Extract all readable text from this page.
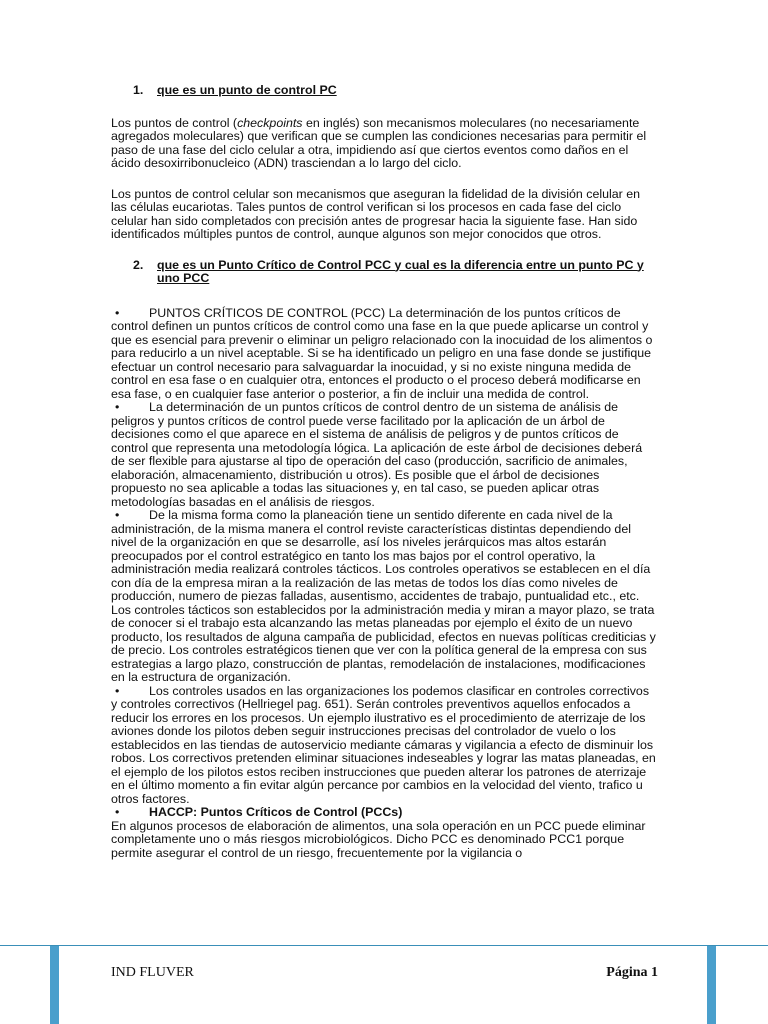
1.	que es un punto de control PC

Los puntos de control (checkpoints en inglés) son mecanismos moleculares (no necesariamente agregados moleculares) que verifican que se cumplen las condiciones necesarias para permitir el paso de una fase del ciclo celular a otra, impidiendo así que ciertos eventos como daños en el ácido desoxirribonucleico (ADN) trasciendan a lo largo del ciclo.

Los puntos de control celular son mecanismos que aseguran la fidelidad de la división celular en las células eucariotas. Tales puntos de control verifican si los procesos en cada fase del ciclo celular han sido completados con precisión antes de progresar hacia la siguiente fase. Han sido identificados múltiples puntos de control, aunque algunos son mejor conocidos que otros.

2.	que es un Punto Crítico de Control PCC y cual es la diferencia entre un punto PC y uno PCC
• PUNTOS CRÍTICOS DE CONTROL (PCC) La determinación de los puntos críticos de control definen un puntos críticos de control como una fase en la que puede aplicarse un control y que es esencial para prevenir o eliminar un peligro relacionado con la inocuidad de los alimentos o para reducirlo a un nivel aceptable. Si se ha identificado un peligro en una fase donde se justifique efectuar un control necesario para salvaguardar la inocuidad, y si no existe ninguna medida de control en esa fase o en cualquier otra, entonces el producto o el proceso deberá modificarse en esa fase, o en cualquier fase anterior o posterior, a fin de incluir una medida de control.
• La determinación de un puntos críticos de control dentro de un sistema de análisis de peligros y puntos críticos de control puede verse facilitado por la aplicación de un árbol de decisiones como el que aparece en el sistema de análisis de peligros y de puntos críticos de control que representa una metodología lógica. La aplicación de este árbol de decisiones deberá de ser flexible para ajustarse al tipo de operación del caso (producción, sacrificio de animales, elaboración, almacenamiento, distribución u otros). Es posible que el árbol de decisiones propuesto no sea aplicable a todas las situaciones y, en tal caso, se pueden aplicar otras metodologías basadas en el análisis de riesgos.
• De la misma forma como la planeación tiene un sentido diferente en cada nivel de la administración, de la misma manera el control reviste características distintas dependiendo del nivel de la organización en que se desarrolle, así los niveles jerárquicos mas altos estarán preocupados por el control estratégico en tanto los mas bajos por el control operativo, la administración media realizará controles tácticos. Los controles operativos se establecen en el día con día de la empresa miran a la realización de las metas de todos los días como niveles de producción, numero de piezas falladas, ausentismo, accidentes de trabajo, puntualidad etc., etc. Los controles tácticos son establecidos por la administración media y miran a mayor plazo, se trata de conocer si el trabajo esta alcanzando las metas planeadas por ejemplo el éxito de un nuevo producto, los resultados de alguna campaña de publicidad, efectos en nuevas políticas crediticias y de precio. Los controles estratégicos tienen que ver con la política general de la empresa con sus estrategias a largo plazo, construcción de plantas, remodelación de instalaciones, modificaciones en la estructura de organización.
• Los controles usados en las organizaciones los podemos clasificar en controles correctivos y controles correctivos (Hellriegel pag. 651). Serán controles preventivos aquellos enfocados a reducir los errores en los procesos. Un ejemplo ilustrativo es el procedimiento de aterrizaje de los aviones donde los pilotos deben seguir instrucciones precisas del controlador de vuelo o los establecidos en las tiendas de autoservicio mediante cámaras y vigilancia a efecto de disminuir los robos. Los correctivos pretenden eliminar situaciones indeseables y lograr las matas planeadas, en el ejemplo de los pilotos estos reciben instrucciones que pueden alterar los patrones de aterrizaje en el último momento a fin evitar algún percance por cambios en la velocidad del viento, trafico u otros factores.
• HACCP: Puntos Críticos de Control (PCCs)
En algunos procesos de elaboración de alimentos, una sola operación en un PCC puede eliminar completamente uno o más riesgos microbiológicos. Dicho PCC es denominado PCC1 porque permite asegurar el control de un riesgo, frecuentemente por la vigilancia o
IND FLUVER	Página 1
